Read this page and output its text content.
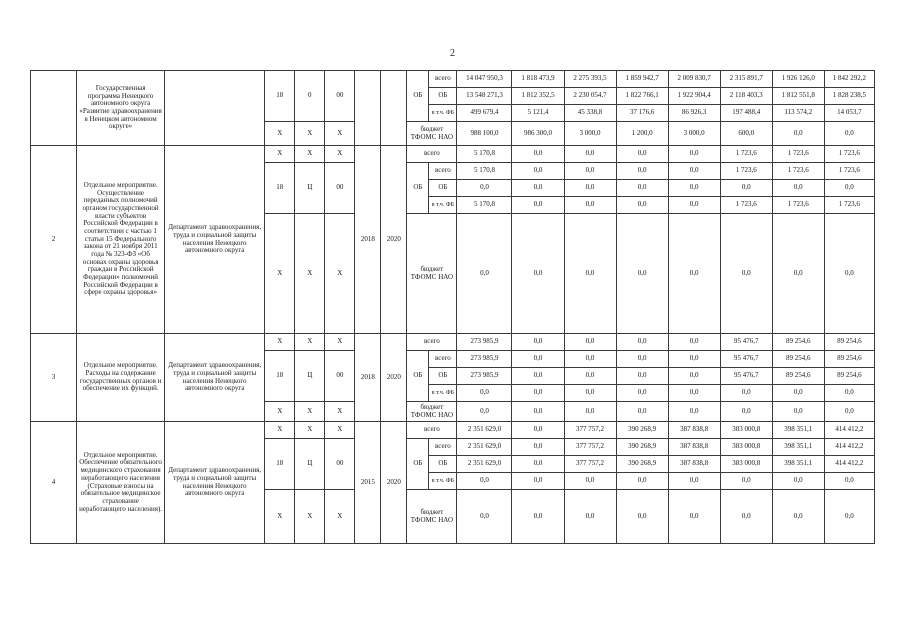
2
	Государственная программа Ненецкого автономного округа «Развитие здравоохранения в Ненецком автономном округе»		18	0	00			ОБ	всего	14 047 950,3	1 818 473,9	2 275 393,5	1 859 942,7	2 009 830,7	2 315 891,7	1 926 126,0	1 842 292,2
									ОБ	13 548 271,3	1 812 352,5	2 230 054,7	1 822 766,1	1 922 904,4	2 118 403,3	1 812 551,8	1 828 238,5
									в т.ч. ФБ	499 679,4	5 121,4	45 338,8	37 176,6	86 926,3	197 488,4	113 574,2	14 053,7
			X	X	X			бюджет ТФОМС НАО		988 100,0	986 300,0	3 000,0	1 200,0	3 000,0	600,0	0,0	0,0
2	Отдельное мероприятие. Осуществление переданных полномочий органом государственной власти субъектов Российской Федерации в соответствии с частью 1 статьи 15 Федерального закона от 21 ноября 2011 года № 323-ФЗ «Об основах охраны здоровья граждан в Российской Федерации» полномочий Российской Федерации в сфере охраны здоровья»	Департамент здравоохранения, труда и социальной защиты населения Ненецкого автономного округа	X	X	X	2018	2020	всего		5 170,8	0,0	0,0	0,0	0,0	1 723,6	1 723,6	1 723,6
			18	Ц	00			ОБ	всего	5 170,8	0,0	0,0	0,0	0,0	1 723,6	1 723,6	1 723,6
									ОБ	0,0	0,0	0,0	0,0	0,0	0,0	0,0	0,0
									в т.ч. ФБ	5 170,8	0,0	0,0	0,0	0,0	1 723,6	1 723,6	1 723,6
			X	X	X			бюджет ТФОМС НАО		0,0	0,0	0,0	0,0	0,0	0,0	0,0	0,0
3	Отдельное мероприятие. Расходы на содержание государственных органов и обеспечение их функций.	Департамент здравоохранения, труда и социальной защиты населения Ненецкого автономного округа	X	X	X	2018	2020	всего		273 985,9	0,0	0,0	0,0	0,0	95 476,7	89 254,6	89 254,6
			18	Ц	00			ОБ	всего	273 985,9	0,0	0,0	0,0	0,0	95 476,7	89 254,6	89 254,6
									ОБ	273 985,9	0,0	0,0	0,0	0,0	95 476,7	89 254,6	89 254,6
									в т.ч. ФБ	0,0	0,0	0,0	0,0	0,0	0,0	0,0	0,0
			X	X	X			бюджет ТФОМС НАО		0,0	0,0	0,0	0,0	0,0	0,0	0,0	0,0
4	Отдельное мероприятие. Обеспечение обязательного медицинского страхования неработающего населения (Страховые взносы на обязательное медицинское страхование неработающего населения).	Департамент здравоохранения, труда и социальной защиты населения Ненецкого автономного округа	X	X	X	2015	2020	всего		2 351 629,0	0,0	377 757,2	390 268,9	387 838,8	383 000,8	398 351,1	414 412,2
			18	Ц	00			ОБ	всего	2 351 629,0	0,0	377 757,2	390 268,9	387 838,8	383 000,8	398 351,1	414 412,2
									ОБ	2 351 629,0	0,0	377 757,2	390 268,9	387 838,8	383 000,8	398 351,1	414 412,2
									в т.ч. ФБ	0,0	0,0	0,0	0,0	0,0	0,0	0,0	0,0
			X	X	X			бюджет ТФОМС НАО		0,0	0,0	0,0	0,0	0,0	0,0	0,0	0,0
